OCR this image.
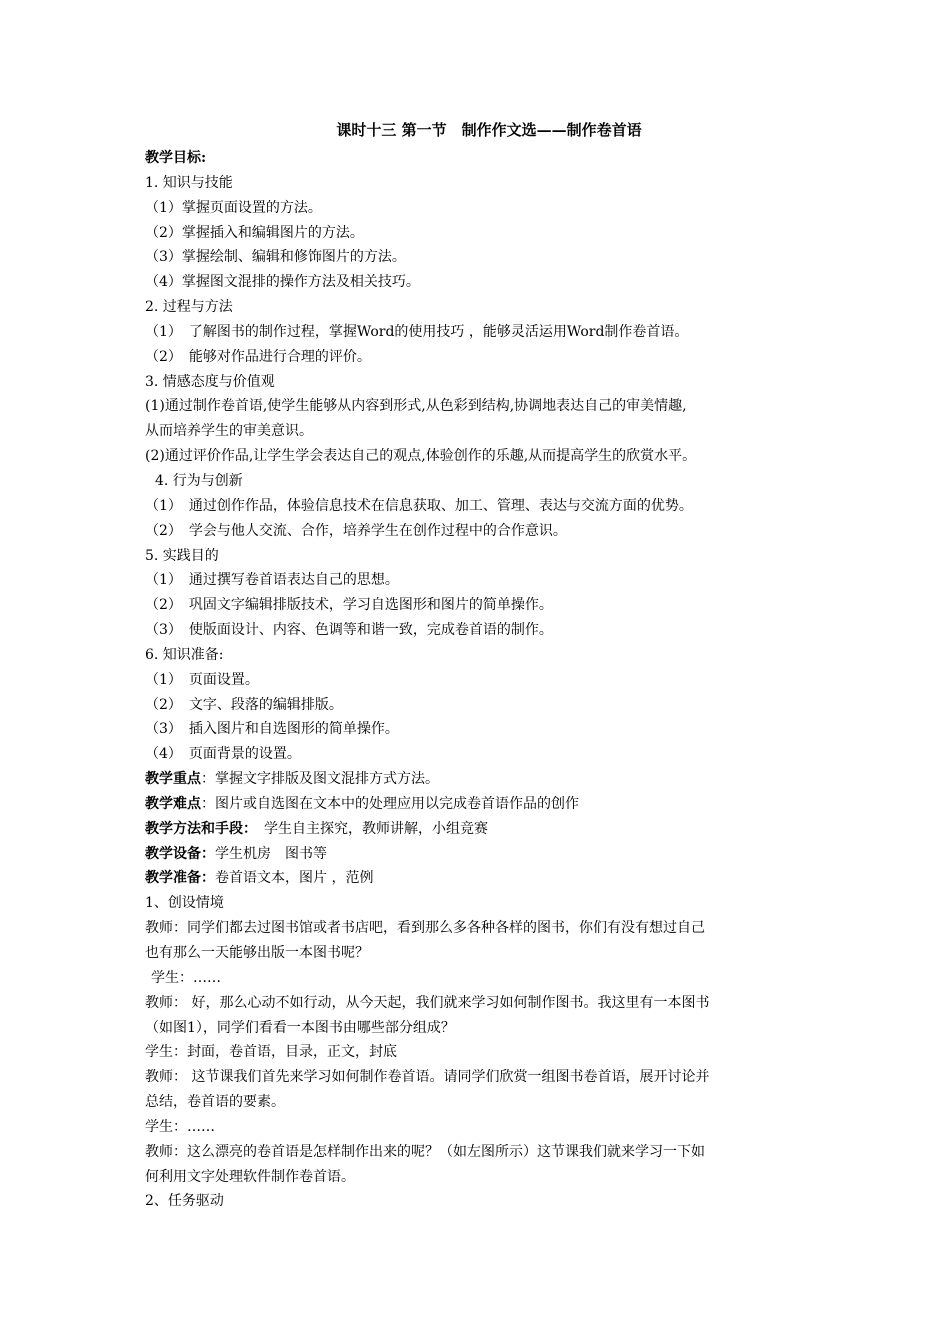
课时十三 第一节　制作作文选——制作卷首语
教学目标:
1. 知识与技能
（1）掌握页面设置的方法。
（2）掌握插入和编辑图片的方法。
（3）掌握绘制、编辑和修饰图片的方法。
（4）掌握图文混排的操作方法及相关技巧。
2. 过程与方法
（1）　了解图书的制作过程，掌握Word的使用技巧 ，能够灵活运用Word制作卷首语。
（2）　能够对作品进行合理的评价。
3. 情感态度与价值观
(1)通过制作卷首语,使学生能够从内容到形式,从色彩到结构,协调地表达自己的审美情趣,
从而培养学生的审美意识。
(2)通过评价作品,让学生学会表达自己的观点,体验创作的乐趣,从而提高学生的欣赏水平。
4. 行为与创新
（1）　通过创作作品，体验信息技术在信息获取、加工、管理、表达与交流方面的优势。
（2）　学会与他人交流、合作，培养学生在创作过程中的合作意识。
5. 实践目的
（1）　通过撰写卷首语表达自己的思想。
（2）　巩固文字编辑排版技术，学习自选图形和图片的简单操作。
（3）　使版面设计、内容、色调等和谐一致，完成卷首语的制作。
6. 知识准备:
（1）　页面设置。
（2）　文字、段落的编辑排版。
（3）　插入图片和自选图形的简单操作。
（4）　页面背景的设置。
教学重点：掌握文字排版及图文混排方式方法。
教学难点：图片或自选图在文本中的处理应用以完成卷首语作品的创作
教学方法和手段：　学生自主探究，教师讲解，小组竞赛
教学设备：学生机房　图书等
教学准备：卷首语文本，图片 ，范例
1、创设情境
教师：同学们都去过图书馆或者书店吧，看到那么多各种各样的图书，你们有没有想过自己
也有那么一天能够出版一本图书呢？
学生：……
教师： 好，那么心动不如行动，从今天起，我们就来学习如何制作图书。我这里有一本图书
（如图1），同学们看看一本图书由哪些部分组成？
学生：封面，卷首语，目录，正文，封底
教师： 这节课我们首先来学习如何制作卷首语。请同学们欣赏一组图书卷首语，展开讨论并
总结，卷首语的要素。
学生：……
教师：这么漂亮的卷首语是怎样制作出来的呢？（如左图所示）这节课我们就来学习一下如
何利用文字处理软件制作卷首语。
2、任务驱动
